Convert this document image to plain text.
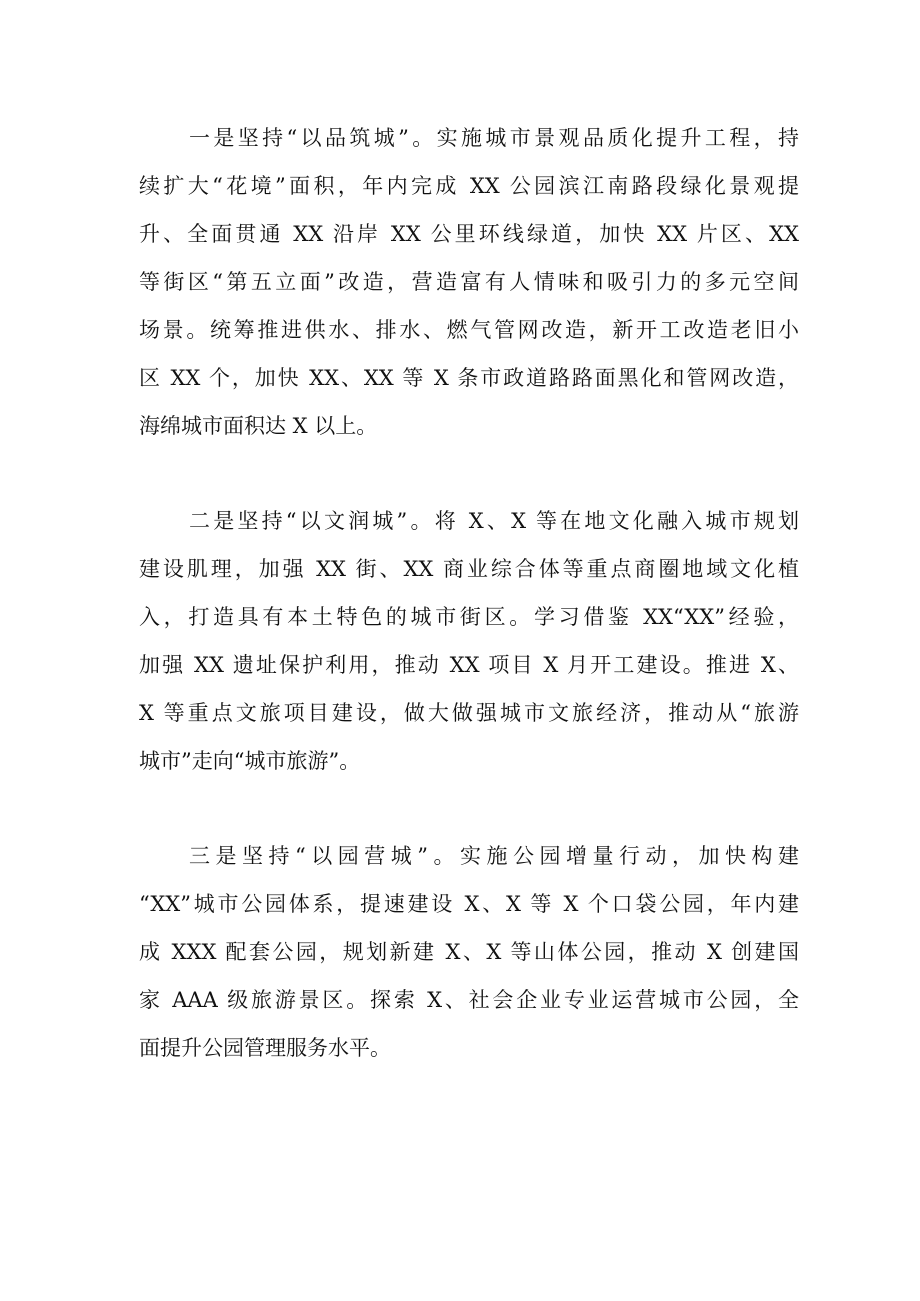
一是坚持“以品筑城”。实施城市景观品质化提升工程，持
续扩大“花境”面积，年内完成 XX 公园滨江南路段绿化景观提
升、全面贯通 XX 沿岸 XX 公里环线绿道，加快 XX 片区、XX
等街区“第五立面”改造，营造富有人情味和吸引力的多元空间
场景。统筹推进供水、排水、燃气管网改造，新开工改造老旧小
区 XX 个，加快 XX、XX 等 X 条市政道路路面黑化和管网改造，
海绵城市面积达 X 以上。
二是坚持“以文润城”。将 X、X 等在地文化融入城市规划
建设肌理，加强 XX 街、XX 商业综合体等重点商圈地域文化植
入，打造具有本土特色的城市街区。学习借鉴 XX“XX”经验，
加强 XX 遗址保护利用，推动 XX 项目 X 月开工建设。推进 X、
X 等重点文旅项目建设，做大做强城市文旅经济，推动从“旅游
城市”走向“城市旅游”。
三是坚持“以园营城”。实施公园增量行动，加快构建
“XX”城市公园体系，提速建设 X、X 等 X 个口袋公园，年内建
成 XXX 配套公园，规划新建 X、X 等山体公园，推动 X 创建国
家 AAA 级旅游景区。探索 X、社会企业专业运营城市公园，全
面提升公园管理服务水平。
